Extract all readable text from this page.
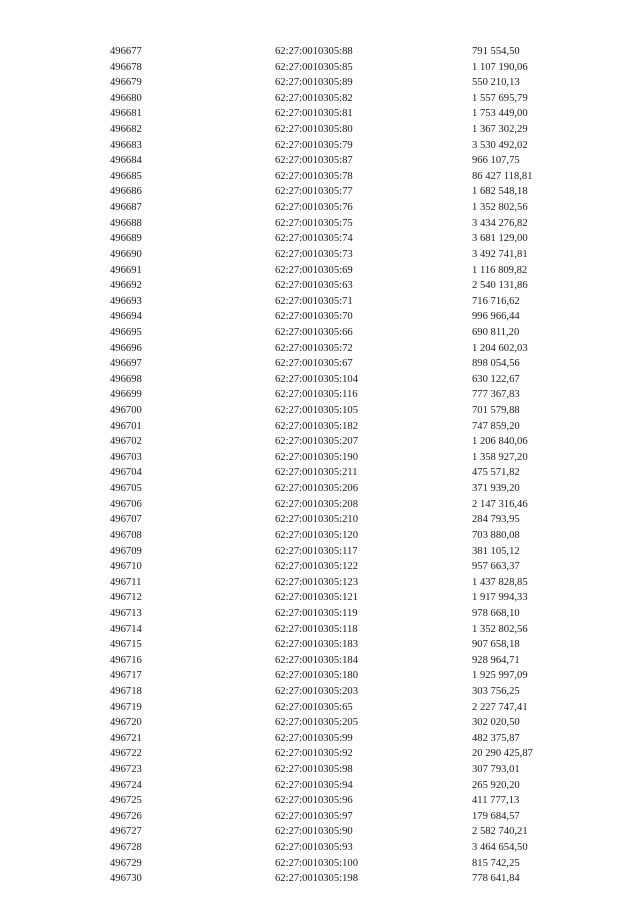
496677	62:27:0010305:88	791 554,50
496678	62:27:0010305:85	1 107 190,06
496679	62:27:0010305:89	550 210,13
496680	62:27:0010305:82	1 557 695,79
496681	62:27:0010305:81	1 753 449,00
496682	62:27:0010305:80	1 367 302,29
496683	62:27:0010305:79	3 530 492,02
496684	62:27:0010305:87	966 107,75
496685	62:27:0010305:78	86 427 118,81
496686	62:27:0010305:77	1 682 548,18
496687	62:27:0010305:76	1 352 802,56
496688	62:27:0010305:75	3 434 276,82
496689	62:27:0010305:74	3 681 129,00
496690	62:27:0010305:73	3 492 741,81
496691	62:27:0010305:69	1 116 809,82
496692	62:27:0010305:63	2 540 131,86
496693	62:27:0010305:71	716 716,62
496694	62:27:0010305:70	996 966,44
496695	62:27:0010305:66	690 811,20
496696	62:27:0010305:72	1 204 602,03
496697	62:27:0010305:67	898 054,56
496698	62:27:0010305:104	630 122,67
496699	62:27:0010305:116	777 367,83
496700	62:27:0010305:105	701 579,88
496701	62:27:0010305:182	747 859,20
496702	62:27:0010305:207	1 206 840,06
496703	62:27:0010305:190	1 358 927,20
496704	62:27:0010305:211	475 571,82
496705	62:27:0010305:206	371 939,20
496706	62:27:0010305:208	2 147 316,46
496707	62:27:0010305:210	284 793,95
496708	62:27:0010305:120	703 880,08
496709	62:27:0010305:117	381 105,12
496710	62:27:0010305:122	957 663,37
496711	62:27:0010305:123	1 437 828,85
496712	62:27:0010305:121	1 917 994,33
496713	62:27:0010305:119	978 668,10
496714	62:27:0010305:118	1 352 802,56
496715	62:27:0010305:183	907 658,18
496716	62:27:0010305:184	928 964,71
496717	62:27:0010305:180	1 925 997,09
496718	62:27:0010305:203	303 756,25
496719	62:27:0010305:65	2 227 747,41
496720	62:27:0010305:205	302 020,50
496721	62:27:0010305:99	482 375,87
496722	62:27:0010305:92	20 290 425,87
496723	62:27:0010305:98	307 793,01
496724	62:27:0010305:94	265 920,20
496725	62:27:0010305:96	411 777,13
496726	62:27:0010305:97	179 684,57
496727	62:27:0010305:90	2 582 740,21
496728	62:27:0010305:93	3 464 654,50
496729	62:27:0010305:100	815 742,25
496730	62:27:0010305:198	778 641,84
